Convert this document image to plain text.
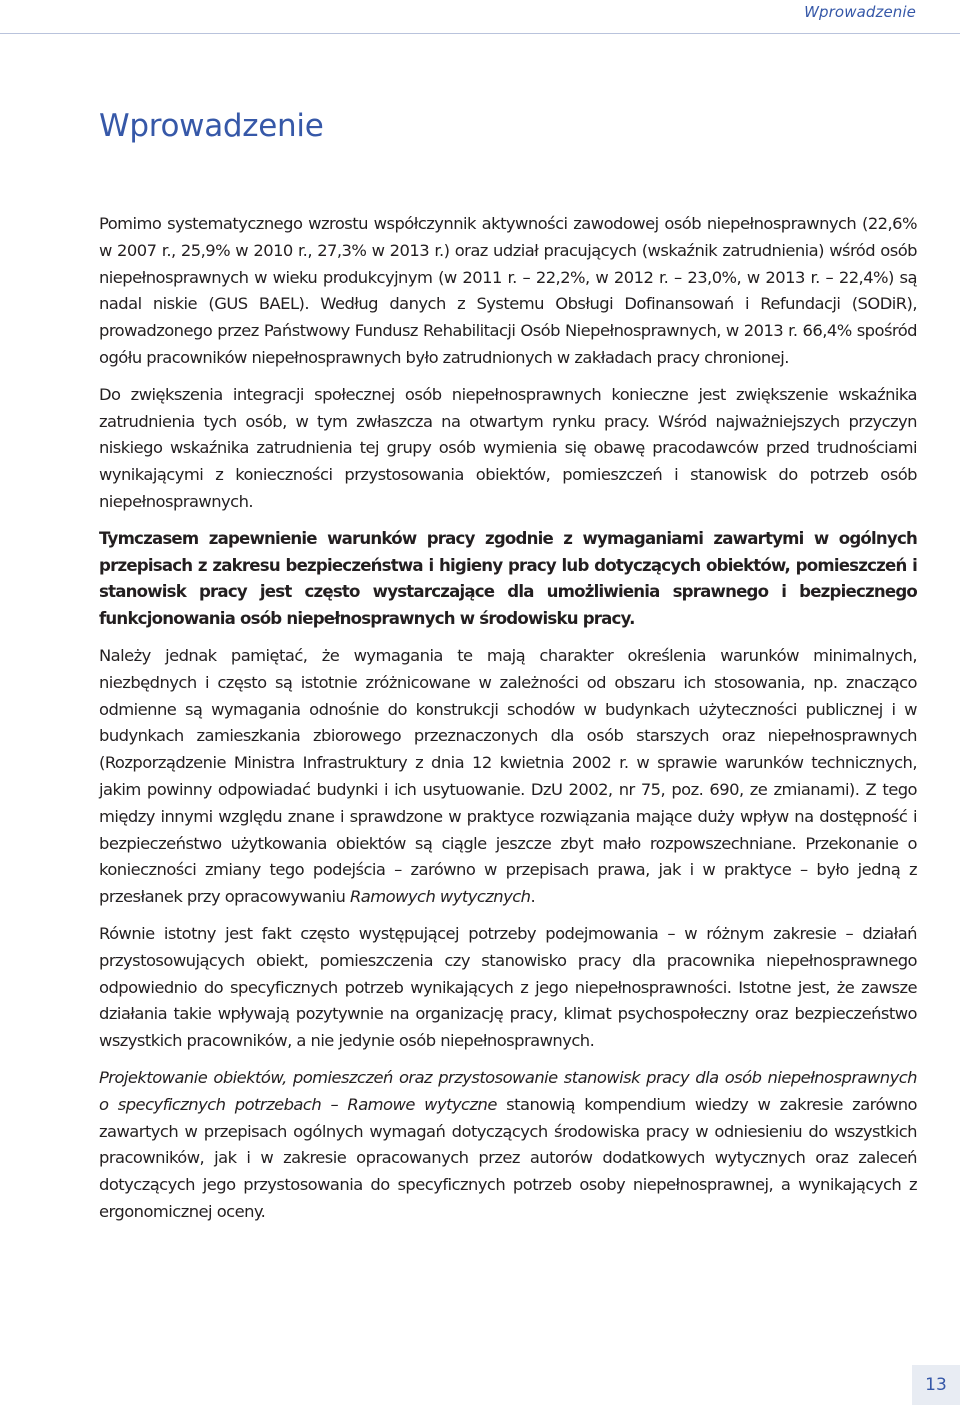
Wprowadzenie
Wprowadzenie

Pomimo systematycznego wzrostu współczynnik aktywności zawodowej osób niepełnosprawnych (22,6% w 2007 r., 25,9% w 2010 r., 27,3% w 2013 r.) oraz udział pracujących (wskaźnik zatrudnienia) wśród osób niepełnosprawnych w wieku produkcyjnym (w 2011 r. – 22,2%, w 2012 r. – 23,0%, w 2013 r. – 22,4%) są nadal niskie (GUS BAEL). Według danych z Systemu Obsługi Dofinansowań i Refundacji (SODiR), prowadzonego przez Państwowy Fundusz Rehabilitacji Osób Niepełnosprawnych, w 2013 r. 66,4% spośród ogółu pracowników niepełnosprawnych było zatrudnionych w zakładach pracy chronionej.

Do zwiększenia integracji społecznej osób niepełnosprawnych konieczne jest zwiększenie wskaźnika zatrudnienia tych osób, w tym zwłaszcza na otwartym rynku pracy. Wśród najważniejszych przyczyn niskiego wskaźnika zatrudnienia tej grupy osób wymienia się obawę pracodawców przed trudnościami wynikającymi z konieczności przystosowania obiektów, pomieszczeń i stanowisk do potrzeb osób niepełnosprawnych.

Tymczasem zapewnienie warunków pracy zgodnie z wymaganiami zawartymi w ogólnych przepisach z zakresu bezpieczeństwa i higieny pracy lub dotyczących obiektów, pomieszczeń i stanowisk pracy jest często wystarczające dla umożliwienia sprawnego i bezpiecznego funkcjonowania osób niepełnosprawnych w środowisku pracy.

Należy jednak pamiętać, że wymagania te mają charakter określenia warunków minimalnych, niezbędnych i często są istotnie zróżnicowane w zależności od obszaru ich stosowania, np. znacząco odmienne są wymagania odnośnie do konstrukcji schodów w budynkach użyteczności publicznej i w budynkach zamieszkania zbiorowego przeznaczonych dla osób starszych oraz niepełnosprawnych (Rozporządzenie Ministra Infrastruktury z dnia 12 kwietnia 2002 r. w sprawie warunków technicznych, jakim powinny odpowiadać budynki i ich usytuowanie. DzU 2002, nr 75, poz. 690, ze zmianami). Z tego między innymi względu znane i sprawdzone w praktyce rozwiązania mające duży wpływ na dostępność i bezpieczeństwo użytkowania obiektów są ciągle jeszcze zbyt mało rozpowszechniane. Przekonanie o konieczności zmiany tego podejścia – zarówno w przepisach prawa, jak i w praktyce – było jedną z przesłanek przy opracowywaniu Ramowych wytycznych.

Równie istotny jest fakt często występującej potrzeby podejmowania – w różnym zakresie – działań przystosowujących obiekt, pomieszczenia czy stanowisko pracy dla pracownika niepełnosprawnego odpowiednio do specyficznych potrzeb wynikających z jego niepełnosprawności. Istotne jest, że zawsze działania takie wpływają pozytywnie na organizację pracy, klimat psychospołeczny oraz bezpieczeństwo wszystkich pracowników, a nie jedynie osób niepełnosprawnych.

Projektowanie obiektów, pomieszczeń oraz przystosowanie stanowisk pracy dla osób niepełnosprawnych o specyficznych potrzebach – Ramowe wytyczne stanowią kompendium wiedzy w zakresie zarówno zawartych w przepisach ogólnych wymagań dotyczących środowiska pracy w odniesieniu do wszystkich pracowników, jak i w zakresie opracowanych przez autorów dodatkowych wytycznych oraz zaleceń dotyczących jego przystosowania do specyficznych potrzeb osoby niepełnosprawnej, a wynikających z ergonomicznej oceny.

13
